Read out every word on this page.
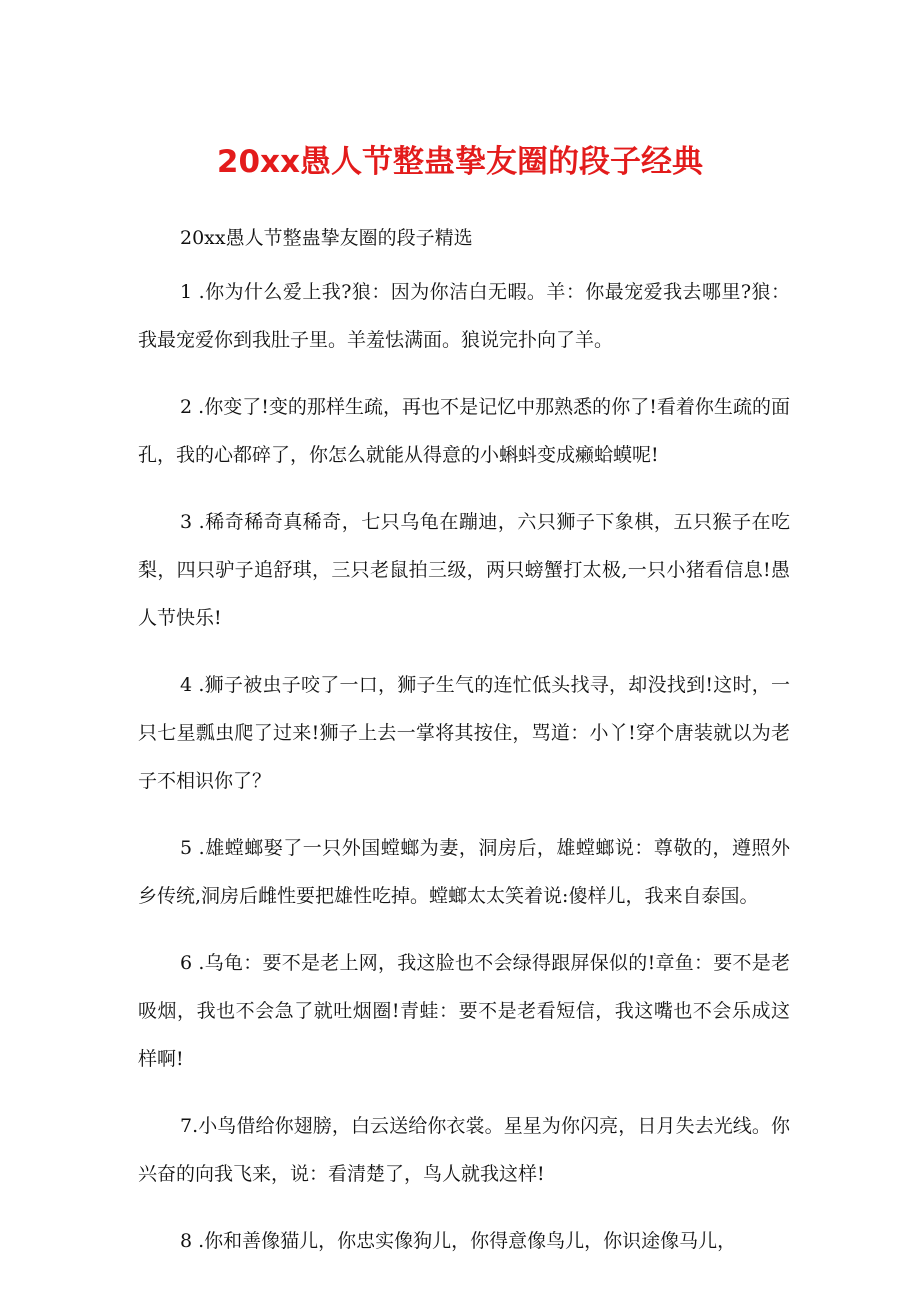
20xx愚人节整蛊挚友圈的段子经典

20xx愚人节整蛊挚友圈的段子精选

1 .你为什么爱上我?狼：因为你洁白无暇。羊：你最宠爱我去哪里?狼：我最宠爱你到我肚子里。羊羞怯满面。狼说完扑向了羊。

2 .你变了!变的那样生疏，再也不是记忆中那熟悉的你了!看着你生疏的面孔，我的心都碎了，你怎么就能从得意的小蝌蚪变成癞蛤蟆呢!

3 .稀奇稀奇真稀奇，七只乌龟在蹦迪，六只狮子下象棋，五只猴子在吃梨，四只驴子追舒琪，三只老鼠拍三级，两只螃蟹打太极,一只小猪看信息!愚人节快乐!

4 .狮子被虫子咬了一口，狮子生气的连忙低头找寻，却没找到!这时，一只七星瓢虫爬了过来!狮子上去一掌将其按住，骂道：小丫!穿个唐装就以为老子不相识你了？

5 .雄螳螂娶了一只外国螳螂为妻，洞房后，雄螳螂说：尊敬的，遵照外乡传统,洞房后雌性要把雄性吃掉。螳螂太太笑着说:傻样儿，我来自泰国。

6 .乌龟：要不是老上网，我这脸也不会绿得跟屏保似的!章鱼：要不是老吸烟，我也不会急了就吐烟圈!青蛙：要不是老看短信，我这嘴也不会乐成这样啊!

7.小鸟借给你翅膀，白云送给你衣裳。星星为你闪亮，日月失去光线。你兴奋的向我飞来，说：看清楚了，鸟人就我这样!

8 .你和善像猫儿，你忠实像狗儿，你得意像鸟儿，你识途像马儿，
